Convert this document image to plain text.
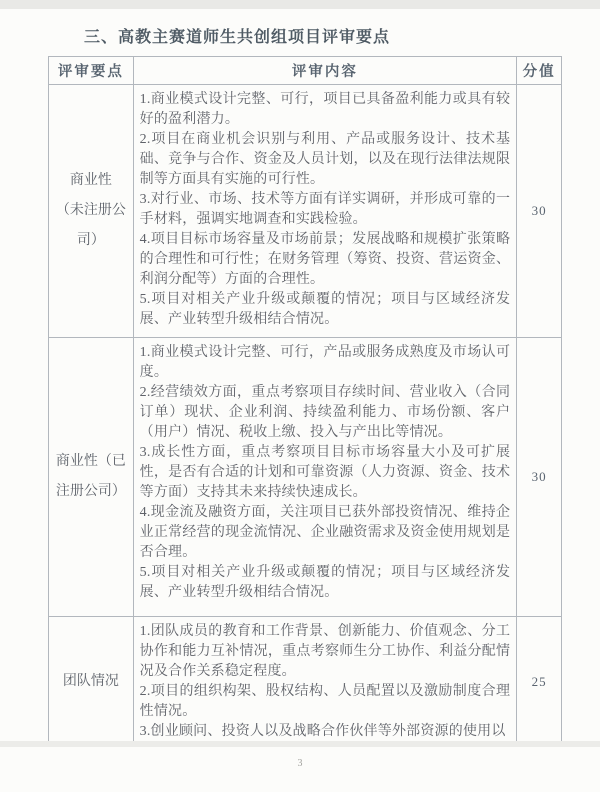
三、高教主赛道师生共创组项目评审要点
评审要点	评审内容	分值
商业性
（未注册公
司）
1.商业模式设计完整、可行，项目已具备盈利能力或具有较好的盈利潜力。
2.项目在商业机会识别与利用、产品或服务设计、技术基础、竞争与合作、资金及人员计划，以及在现行法律法规限制等方面具有实施的可行性。
3.对行业、市场、技术等方面有详实调研，并形成可靠的一手材料，强调实地调查和实践检验。
4.项目目标市场容量及市场前景；发展战略和规模扩张策略的合理性和可行性；在财务管理（筹资、投资、营运资金、利润分配等）方面的合理性。
5.项目对相关产业升级或颠覆的情况；项目与区域经济发展、产业转型升级相结合情况。
30
商业性（已
注册公司）
1.商业模式设计完整、可行，产品或服务成熟度及市场认可度。
2.经营绩效方面，重点考察项目存续时间、营业收入（合同订单）现状、企业利润、持续盈利能力、市场份额、客户（用户）情况、税收上缴、投入与产出比等情况。
3.成长性方面，重点考察项目目标市场容量大小及可扩展性，是否有合适的计划和可靠资源（人力资源、资金、技术等方面）支持其未来持续快速成长。
4.现金流及融资方面，关注项目已获外部投资情况、维持企业正常经营的现金流情况、企业融资需求及资金使用规划是否合理。
5.项目对相关产业升级或颠覆的情况；项目与区域经济发展、产业转型升级相结合情况。
30
团队情况
1.团队成员的教育和工作背景、创新能力、价值观念、分工协作和能力互补情况，重点考察师生分工协作、利益分配情况及合作关系稳定程度。
2.项目的组织构架、股权结构、人员配置以及激励制度合理性情况。
3.创业顾问、投资人以及战略合作伙伴等外部资源的使用以
25
3
